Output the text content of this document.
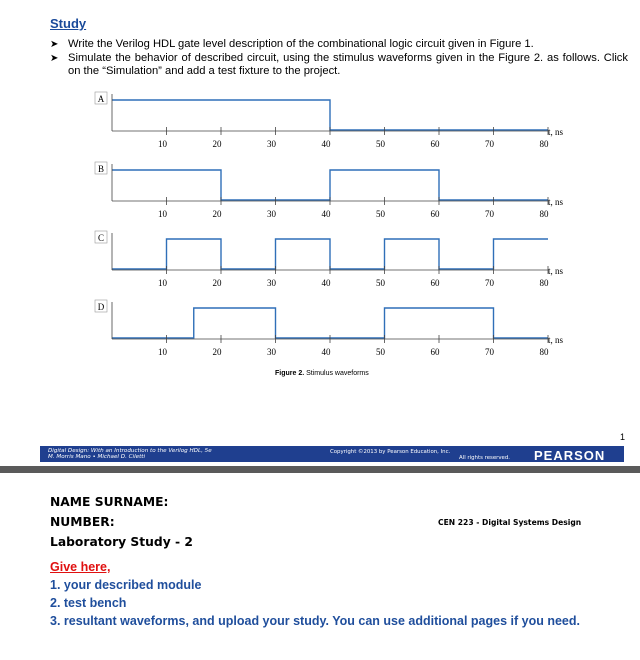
Study
➤ Write the Verilog HDL gate level description of the combinational logic circuit given in Figure 1.
➤ Simulate the behavior of described circuit, using the stimulus waveforms given in the Figure 2. as follows. Click on the “Simulation” and add a test fixture to the project.
A
10	20	30	40	50	60	70	80
t, ns
B
10	20	30	40	50	60	70	80
t, ns
C
10	20	30	40	50	60	70	80
t, ns
D
10	20	30	40	50	60	70	80
t, ns
Figure 2. Stimulus waveforms
1
Digital Design: With an Introduction to the Verilog HDL, 5e
M. Morris Mano • Michael D. Ciletti
Copyright ©2013 by Pearson Education, Inc.
All rights reserved. PEARSON
NAME SURNAME:
NUMBER:
Laboratory Study - 2
CEN 223 - Digital Systems Design
Give here,
1. your described module
2. test bench
3. resultant waveforms, and upload your study. You can use additional pages if you need.
